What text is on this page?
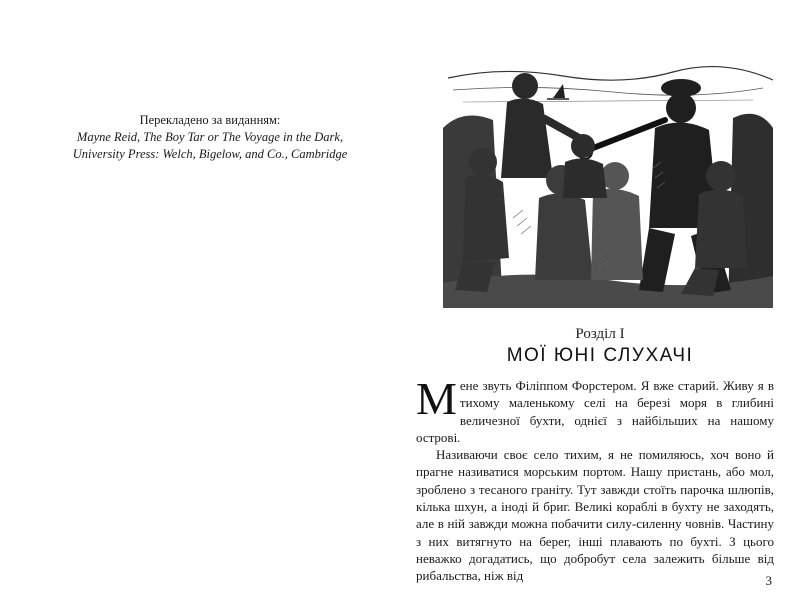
Перекладено за виданням:
Mayne Reid, The Boy Tar or The Voyage in the Dark,
University Press: Welch, Bigelow, and Co., Cambridge
Розділ I
МОЇ ЮНІ СЛУХАЧІ

Мене звуть Філіппом Форстером. Я вже старий. Живу я в тихому маленькому селі на березі моря в глибині величезної бухти, однієї з найбільших на нашому острові.

Називаючи своє село тихим, я не помиляюсь, хоч воно й прагне називатися морським портом. Нашу пристань, або мол, зроблено з тесаного граніту. Тут завжди стоїть парочка шлюпів, кілька шхун, а іноді й бриг. Великі кораблі в бухту не заходять, але в ній завжди можна побачити силу-силенну човнів. Частину з них витягнуто на берег, інші плавають по бухті. З цього неважко догадатись, що добробут села залежить більше від рибальства, ніж від	3
